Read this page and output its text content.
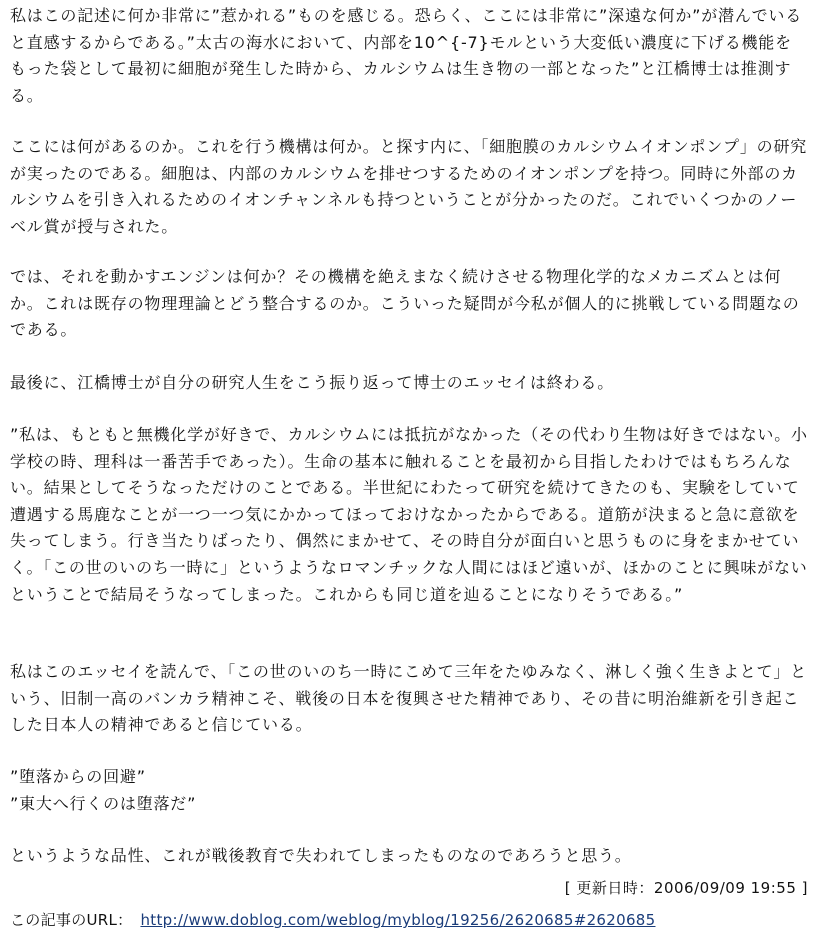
私はこの記述に何か非常に”惹かれる”ものを感じる。恐らく、ここには非常に”深遠な何か”が潜んでいると直感するからである。”太古の海水において、内部を10^{-7}モルという大変低い濃度に下げる機能をもった袋として最初に細胞が発生した時から、カルシウムは生き物の一部となった”と江橋博士は推測する。

ここには何があるのか。これを行う機構は何か。と探す内に、「細胞膜のカルシウムイオンポンプ」の研究が実ったのである。細胞は、内部のカルシウムを排せつするためのイオンポンプを持つ。同時に外部のカルシウムを引き入れるためのイオンチャンネルも持つということが分かったのだ。これでいくつかのノーベル賞が授与された。

では、それを動かすエンジンは何か？その機構を絶えまなく続けさせる物理化学的なメカニズムとは何か。これは既存の物理理論とどう整合するのか。こういった疑問が今私が個人的に挑戦している問題なのである。

最後に、江橋博士が自分の研究人生をこう振り返って博士のエッセイは終わる。

”私は、もともと無機化学が好きで、カルシウムには抵抗がなかった（その代わり生物は好きではない。小学校の時、理科は一番苦手であった）。生命の基本に触れることを最初から目指したわけではもちろんない。結果としてそうなっただけのことである。半世紀にわたって研究を続けてきたのも、実験をしていて遭遇する馬鹿なことが一つ一つ気にかかってほっておけなかったからである。道筋が決まると急に意欲を失ってしまう。行き当たりばったり、偶然にまかせて、その時自分が面白いと思うものに身をまかせていく。「この世のいのち一時に」というようなロマンチックな人間にはほど遠いが、ほかのことに興味がないということで結局そうなってしまった。これからも同じ道を辿ることになりそうである。”

私はこのエッセイを読んで、「この世のいのち一時にこめて三年をたゆみなく、淋しく強く生きよとて」という、旧制一高のバンカラ精神こそ、戦後の日本を復興させた精神であり、その昔に明治維新を引き起こした日本人の精神であると信じている。

”堕落からの回避”
”東大へ行くのは堕落だ”

というような品性、これが戦後教育で失われてしまったものなのであろうと思う。

[ 更新日時：2006/09/09 19:55 ]
この記事のURL： http://www.doblog.com/weblog/myblog/19256/2620685#2620685
